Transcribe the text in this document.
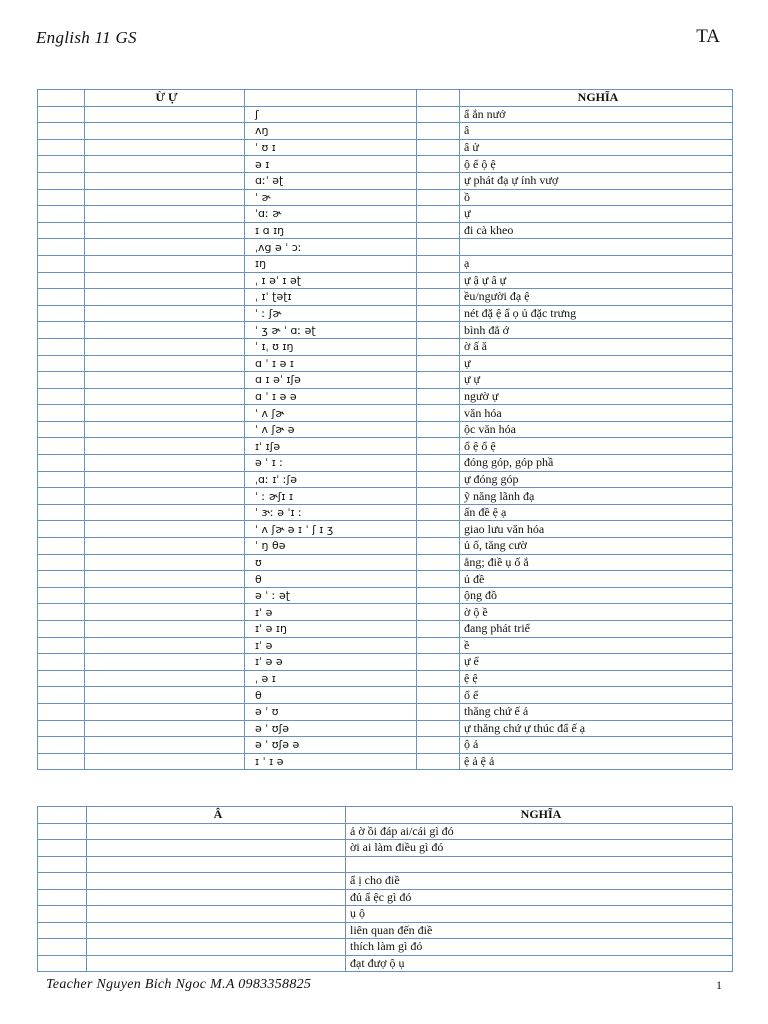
English 11 GS	TA
	Ừ Ự			NGHĨA
		ʃ		ẩ ắn nướ
		ʌŋ		â
		ˈ ʊ ɪ		â ử
		ə ɪ		ộ ể ộ ệ
		ɑːˈ əʈ		ự phát đạ ự ính vượ
		ˈ ɚ		ồ
		ˈɑː ɚ		ự
		ɪ ɑ ɪŋ		đi cà kheo
		ˌʌg ə ˈ ɔː		
		ɪŋ		ạ
		ˌ ɪ əˈ ɪ əʈ		ự ậ ự â ự
		ˌ ɪˈ ʈəʈɪ		ều/người đạ ệ
		ˈ ː ʃɚ		nét đặ ệ ẩ ọ ủ đặc trưng
		ˈ ʒ ɚ ˈ ɑː əʈ		bình đẳ ớ
		ˈ ɪˌ ʊ ɪŋ		ờ ấ ă
		ɑ ˈ ɪ ə ɪ		ự
		ɑ ɪ əˈ ɪʃə		ự ự
		ɑ ˈ ɪ ə ə		ngườ ự
		ˈ ʌ ʃɚ		văn hóa
		ˈ ʌ ʃɚ ə		ộc văn hóa
		ɪˈ ɪʃə		ổ ệ ổ ệ
		ə ˈ ɪ ː		đóng góp, góp phầ
		ˌɑː ɪˈ ːʃə		ự đóng góp
		ˈ ː ɚʃɪ ɪ		ỹ năng lãnh đạ
		ˈ ɝː ə ˈɪ ː		ấn đề ệ ạ
		ˈ ʌ ʃɚ ə ɪ ˈ ʃ ɪ ʒ		giao lưu văn hóa
		ˈ ŋ θə		ủ ố, tăng cườ
		ʊ		ẳng; điề ụ ố ắ
		θ		ủ đề
		ə ˈ ː əʈ		ộng đồ
		ɪˈ ə		ờ ộ ề
		ɪˈ ə ɪŋ		đang phát triể
		ɪˈ ə		ề
		ɪˈ ə ə		ự ể
		ˌ ə ɪ		ệ ệ
		θ		ổ ế
		ə ˈ ʊ		thăng chứ ế ả
		ə ˈ ʊʃə		ự thăng chứ ự thúc đẩ ế ạ
		ə ˈ ʊʃə ə		ộ ả
		ɪ ˈ ɪ ə		ệ ả ệ ả
	Â	NGHĨA
		ả ờ ồi đáp ai/cái gì đó
		ời ai làm điều gì đó

		ẩ ị cho điề
		đủ ẩ ệc gì đó
		ụ ộ
		liên quan đến điề
		thích làm gì đó
		đạt đượ ộ ụ
Teacher Nguyen Bich Ngoc M.A 0983358825	1
